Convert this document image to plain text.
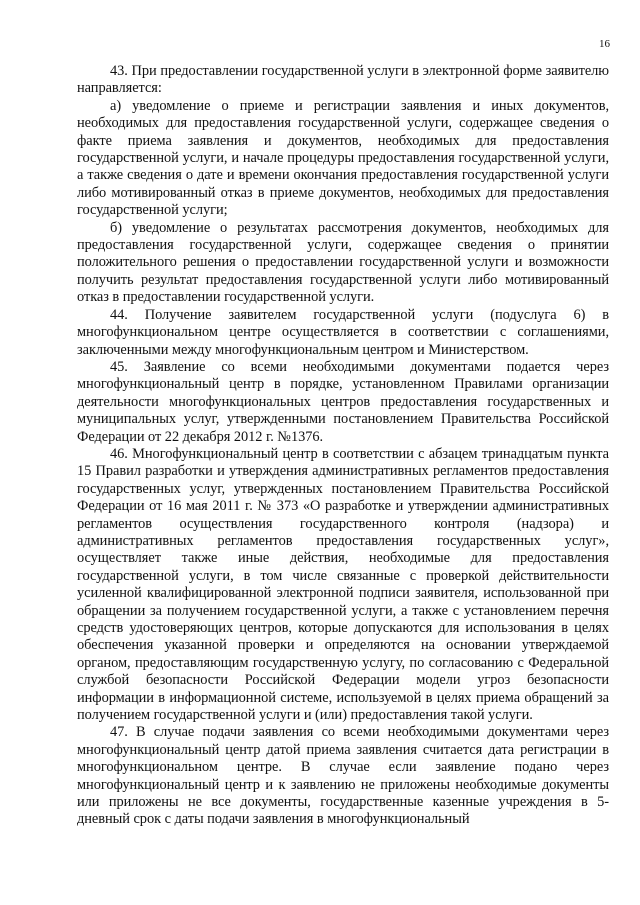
16

43. При предоставлении государственной услуги в электронной форме заявителю направляется:

а) уведомление о приеме и регистрации заявления и иных документов, необходимых для предоставления государственной услуги, содержащее сведения о факте приема заявления и документов, необходимых для предоставления государственной услуги, и начале процедуры предоставления государственной услуги, а также сведения о дате и времени окончания предоставления государственной услуги либо мотивированный отказ в приеме документов, необходимых для предоставления государственной услуги;

б) уведомление о результатах рассмотрения документов, необходимых для предоставления государственной услуги, содержащее сведения о принятии положительного решения о предоставлении государственной услуги и возможности получить результат предоставления государственной услуги либо мотивированный отказ в предоставлении государственной услуги.

44. Получение заявителем государственной услуги (подуслуга 6) в многофункциональном центре осуществляется в соответствии с соглашениями, заключенными между многофункциональным центром и Министерством.

45. Заявление со всеми необходимыми документами подается через многофункциональный центр в порядке, установленном Правилами организации деятельности многофункциональных центров предоставления государственных и муниципальных услуг, утвержденными постановлением Правительства Российской Федерации от 22 декабря 2012 г. №1376.

46. Многофункциональный центр в соответствии с абзацем тринадцатым пункта 15 Правил разработки и утверждения административных регламентов предоставления государственных услуг, утвержденных постановлением Правительства Российской Федерации от 16 мая 2011 г. № 373 «О разработке и утверждении административных регламентов осуществления государственного контроля (надзора) и административных регламентов предоставления государственных услуг», осуществляет также иные действия, необходимые для предоставления государственной услуги, в том числе связанные с проверкой действительности усиленной квалифицированной электронной подписи заявителя, использованной при обращении за получением государственной услуги, а также с установлением перечня средств удостоверяющих центров, которые допускаются для использования в целях обеспечения указанной проверки и определяются на основании утверждаемой органом, предоставляющим государственную услугу, по согласованию с Федеральной службой безопасности Российской Федерации модели угроз безопасности информации в информационной системе, используемой в целях приема обращений за получением государственной услуги и (или) предоставления такой услуги.

47. В случае подачи заявления со всеми необходимыми документами через многофункциональный центр датой приема заявления считается дата регистрации в многофункциональном центре. В случае если заявление подано через многофункциональный центр и к заявлению не приложены необходимые документы или приложены не все документы, государственные казенные учреждения в 5-дневный срок с даты подачи заявления в многофункциональный
